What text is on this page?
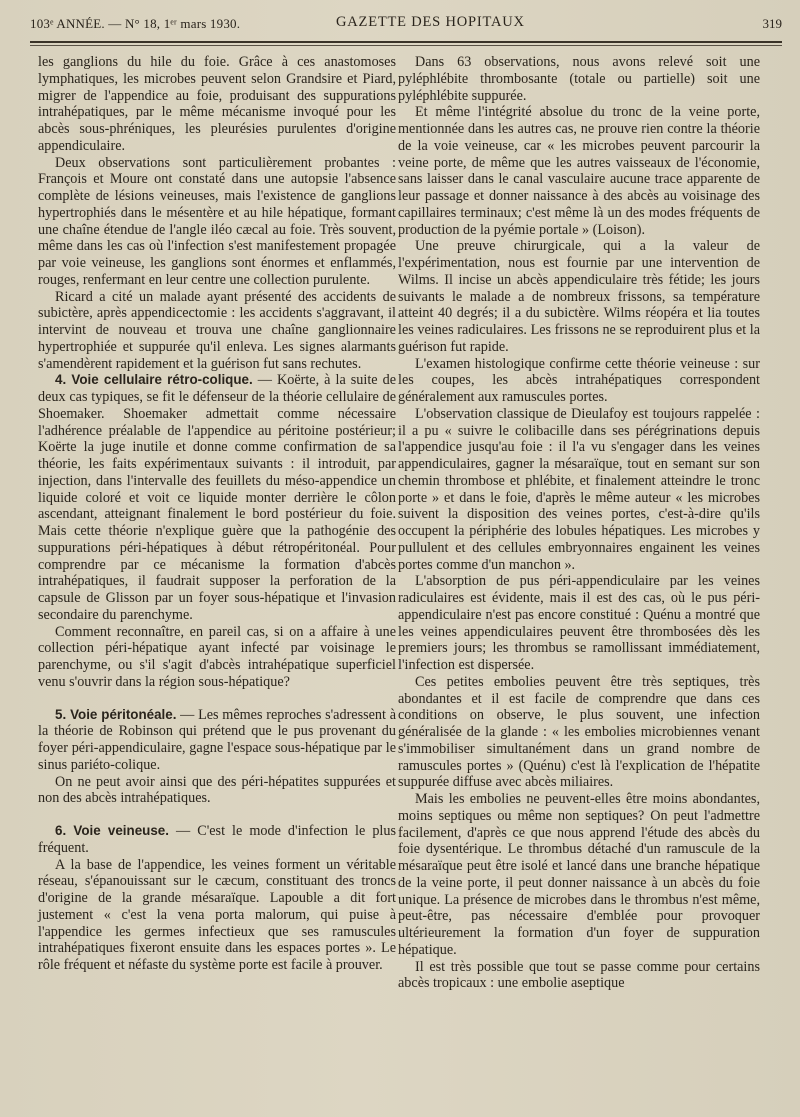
103ᵉ ANNÉE. — N° 18, 1ᵉʳ mars 1930.	GAZETTE DES HOPITAUX	319

les ganglions du hile du foie. Grâce à ces anastomoses lymphatiques, les microbes peuvent selon Grandsire et Piard, migrer de l'appendice au foie, produisant des suppurations intrahépatiques, par le même mécanisme invoqué pour les abcès sous-phréniques, les pleurésies purulentes d'origine appendiculaire.

Deux observations sont particulièrement probantes : François et Moure ont constaté dans une autopsie l'absence complète de lésions veineuses, mais l'existence de ganglions hypertrophiés dans le mésentère et au hile hépatique, formant une chaîne étendue de l'angle iléo cæcal au foie. Très souvent, même dans les cas où l'infection s'est manifestement propagée par voie veineuse, les ganglions sont énormes et enflammés, rouges, renfermant en leur centre une collection purulente.

Ricard a cité un malade ayant présenté des accidents de subictère, après appendicectomie : les accidents s'aggravant, il intervint de nouveau et trouva une chaîne ganglionnaire hypertrophiée et suppurée qu'il enleva. Les signes alarmants s'amendèrent rapidement et la guérison fut sans rechutes.

4. Voie cellulaire rétro-colique. — Koërte, à la suite de deux cas typiques, se fit le défenseur de la théorie cellulaire de Shoemaker. Shoemaker admettait comme nécessaire l'adhérence préalable de l'appendice au péritoine postérieur; Koërte la juge inutile et donne comme confirmation de sa théorie, les faits expérimentaux suivants : il introduit, par injection, dans l'intervalle des feuillets du méso-appendice un liquide coloré et voit ce liquide monter derrière le côlon ascendant, atteignant finalement le bord postérieur du foie. Mais cette théorie n'explique guère que la pathogénie des suppurations péri-hépatiques à début rétropéritonéal. Pour comprendre par ce mécanisme la formation d'abcès intrahépatiques, il faudrait supposer la perforation de la capsule de Glisson par un foyer sous-hépatique et l'invasion secondaire du parenchyme.

Comment reconnaître, en pareil cas, si on a affaire à une collection péri-hépatique ayant infecté par voisinage le parenchyme, ou s'il s'agit d'abcès intrahépatique superficiel venu s'ouvrir dans la région sous-hépatique?

5. Voie péritonéale. — Les mêmes reproches s'adressent à la théorie de Robinson qui prétend que le pus provenant du foyer péri-appendiculaire, gagne l'espace sous-hépatique par le sinus pariéto-colique.

On ne peut avoir ainsi que des péri-hépatites suppurées et non des abcès intrahépatiques.

6. Voie veineuse. — C'est le mode d'infection le plus fréquent.

A la base de l'appendice, les veines forment un véritable réseau, s'épanouissant sur le cæcum, constituant des troncs d'origine de la grande mésaraïque. Lapouble a dit fort justement « c'est la vena porta malorum, qui puise à l'appendice les germes infectieux que ses ramuscules intrahépatiques fixeront ensuite dans les espaces portes ». Le rôle fréquent et néfaste du système porte est facile à prouver.

Dans 63 observations, nous avons relevé soit une pyléphlébite thrombosante (totale ou partielle) soit une pyléphlébite suppurée.

Et même l'intégrité absolue du tronc de la veine porte, mentionnée dans les autres cas, ne prouve rien contre la théorie de la voie veineuse, car « les microbes peuvent parcourir la veine porte, de même que les autres vaisseaux de l'économie, sans laisser dans le canal vasculaire aucune trace apparente de leur passage et donner naissance à des abcès au voisinage des capillaires terminaux; c'est même là un des modes fréquents de production de la pyémie portale » (Loison).

Une preuve chirurgicale, qui a la valeur de l'expérimentation, nous est fournie par une intervention de Wilms. Il incise un abcès appendiculaire très fétide; les jours suivants le malade a de nombreux frissons, sa température atteint 40 degrés; il a du subictère. Wilms réopéra et lia toutes les veines radiculaires. Les frissons ne se reproduirent plus et la guérison fut rapide.

L'examen histologique confirme cette théorie veineuse : sur les coupes, les abcès intrahépatiques correspondent généralement aux ramuscules portes.

L'observation classique de Dieulafoy est toujours rappelée : il a pu « suivre le colibacille dans ses pérégrinations depuis l'appendice jusqu'au foie : il l'a vu s'engager dans les veines appendiculaires, gagner la mésaraïque, tout en semant sur son chemin thrombose et phlébite, et finalement atteindre le tronc porte » et dans le foie, d'après le même auteur « les microbes suivent la disposition des veines portes, c'est-à-dire qu'ils occupent la périphérie des lobules hépatiques. Les microbes y pullulent et des cellules embryonnaires engainent les veines portes comme d'un manchon ».

L'absorption de pus péri-appendiculaire par les veines radiculaires est évidente, mais il est des cas, où le pus péri-appendiculaire n'est pas encore constitué : Quénu a montré que les veines appendiculaires peuvent être thrombosées dès les premiers jours; les thrombus se ramollissant immédiatement, l'infection est dispersée.

Ces petites embolies peuvent être très septiques, très abondantes et il est facile de comprendre que dans ces conditions on observe, le plus souvent, une infection généralisée de la glande : « les embolies microbiennes venant s'immobiliser simultanément dans un grand nombre de ramuscules portes » (Quénu) c'est là l'explication de l'hépatite suppurée diffuse avec abcès miliaires.

Mais les embolies ne peuvent-elles être moins abondantes, moins septiques ou même non septiques? On peut l'admettre facilement, d'après ce que nous apprend l'étude des abcès du foie dysentérique. Le thrombus détaché d'un ramuscule de la mésaraïque peut être isolé et lancé dans une branche hépatique de la veine porte, il peut donner naissance à un abcès du foie unique. La présence de microbes dans le thrombus n'est même, peut-être, pas nécessaire d'emblée pour provoquer ultérieurement la formation d'un foyer de suppuration hépatique.

Il est très possible que tout se passe comme pour certains abcès tropicaux : une embolie aseptique
